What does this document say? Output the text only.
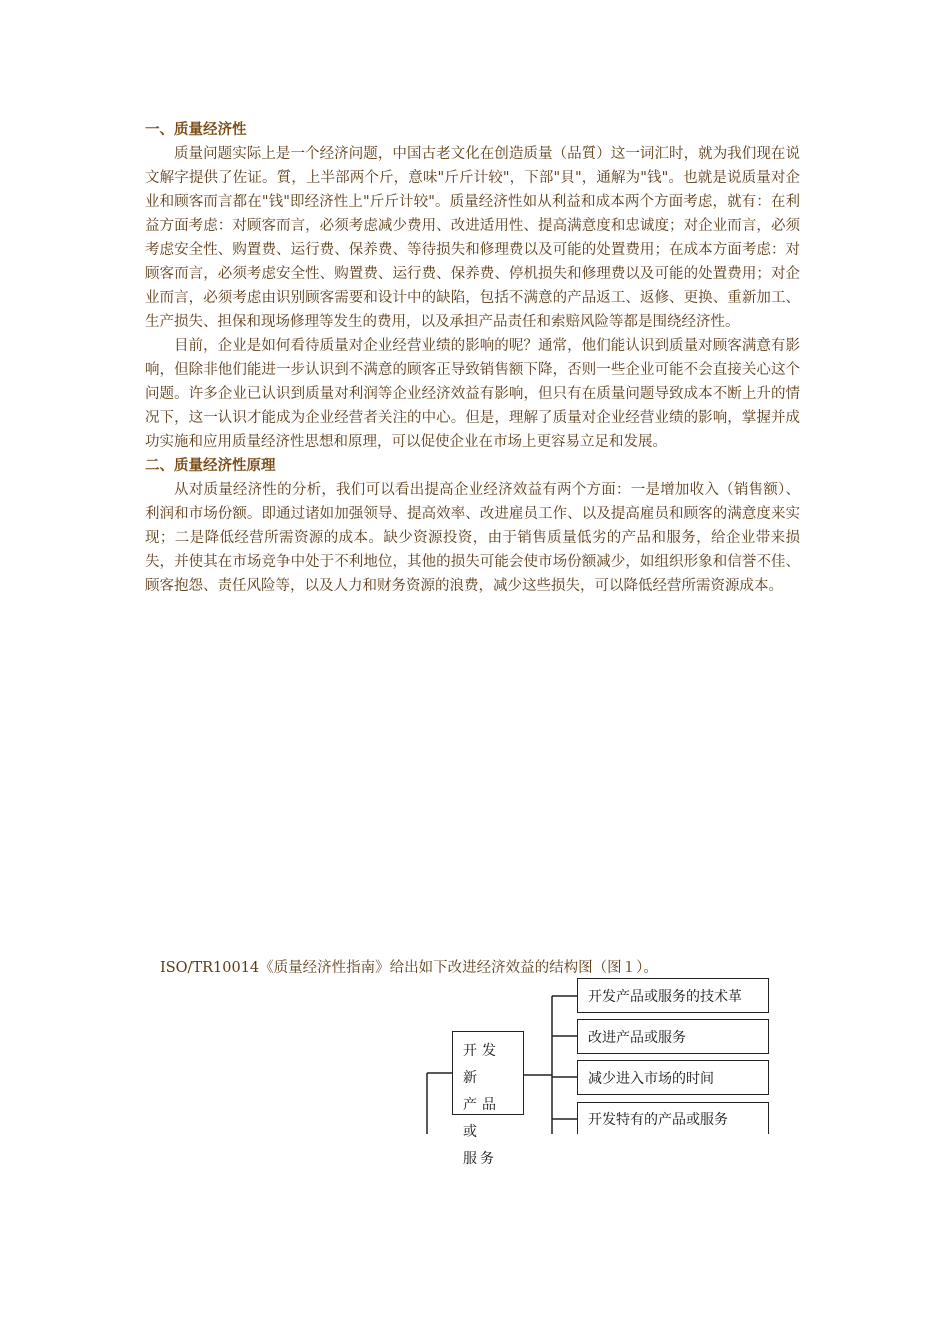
一、质量经济性

质量问题实际上是一个经济问题，中国古老文化在创造质量（品質）这一词汇时，就为我们现在说文解字提供了佐证。質，上半部两个斤，意味"斤斤计较"，下部"貝"，通解为"钱"。也就是说质量对企业和顾客而言都在"钱"即经济性上"斤斤计较"。质量经济性如从利益和成本两个方面考虑，就有：在利益方面考虑：对顾客而言，必须考虑减少费用、改进适用性、提高满意度和忠诚度；对企业而言，必须考虑安全性、购置费、运行费、保养费、等待损失和修理费以及可能的处置费用；在成本方面考虑：对顾客而言，必须考虑安全性、购置费、运行费、保养费、停机损失和修理费以及可能的处置费用；对企业而言，必须考虑由识别顾客需要和设计中的缺陷，包括不满意的产品返工、返修、更换、重新加工、生产损失、担保和现场修理等发生的费用，以及承担产品责任和索赔风险等都是围绕经济性。

目前，企业是如何看待质量对企业经营业绩的影响的呢？通常，他们能认识到质量对顾客满意有影响，但除非他们能进一步认识到不满意的顾客正导致销售额下降，否则一些企业可能不会直接关心这个问题。许多企业已认识到质量对利润等企业经济效益有影响，但只有在质量问题导致成本不断上升的情况下，这一认识才能成为企业经营者关注的中心。但是，理解了质量对企业经营业绩的影响，掌握并成功实施和应用质量经济性思想和原理，可以促使企业在市场上更容易立足和发展。

二、质量经济性原理

从对质量经济性的分析，我们可以看出提高企业经济效益有两个方面：一是增加收入（销售额）、利润和市场份额。即通过诸如加强领导、提高效率、改进雇员工作、以及提高雇员和顾客的满意度来实现；二是降低经营所需资源的成本。缺少资源投资，由于销售质量低劣的产品和服务，给企业带来损失，并使其在市场竞争中处于不利地位，其他的损失可能会使市场份额减少，如组织形象和信誉不佳、顾客抱怨、责任风险等，以及人力和财务资源的浪费，减少这些损失，可以降低经营所需资源成本。

ISO/TR10014《质量经济性指南》给出如下改进经济效益的结构图（图１）。
开发新
产品或
服务
开发产品或服务的技术革
改进产品或服务
减少进入市场的时间
开发特有的产品或服务
